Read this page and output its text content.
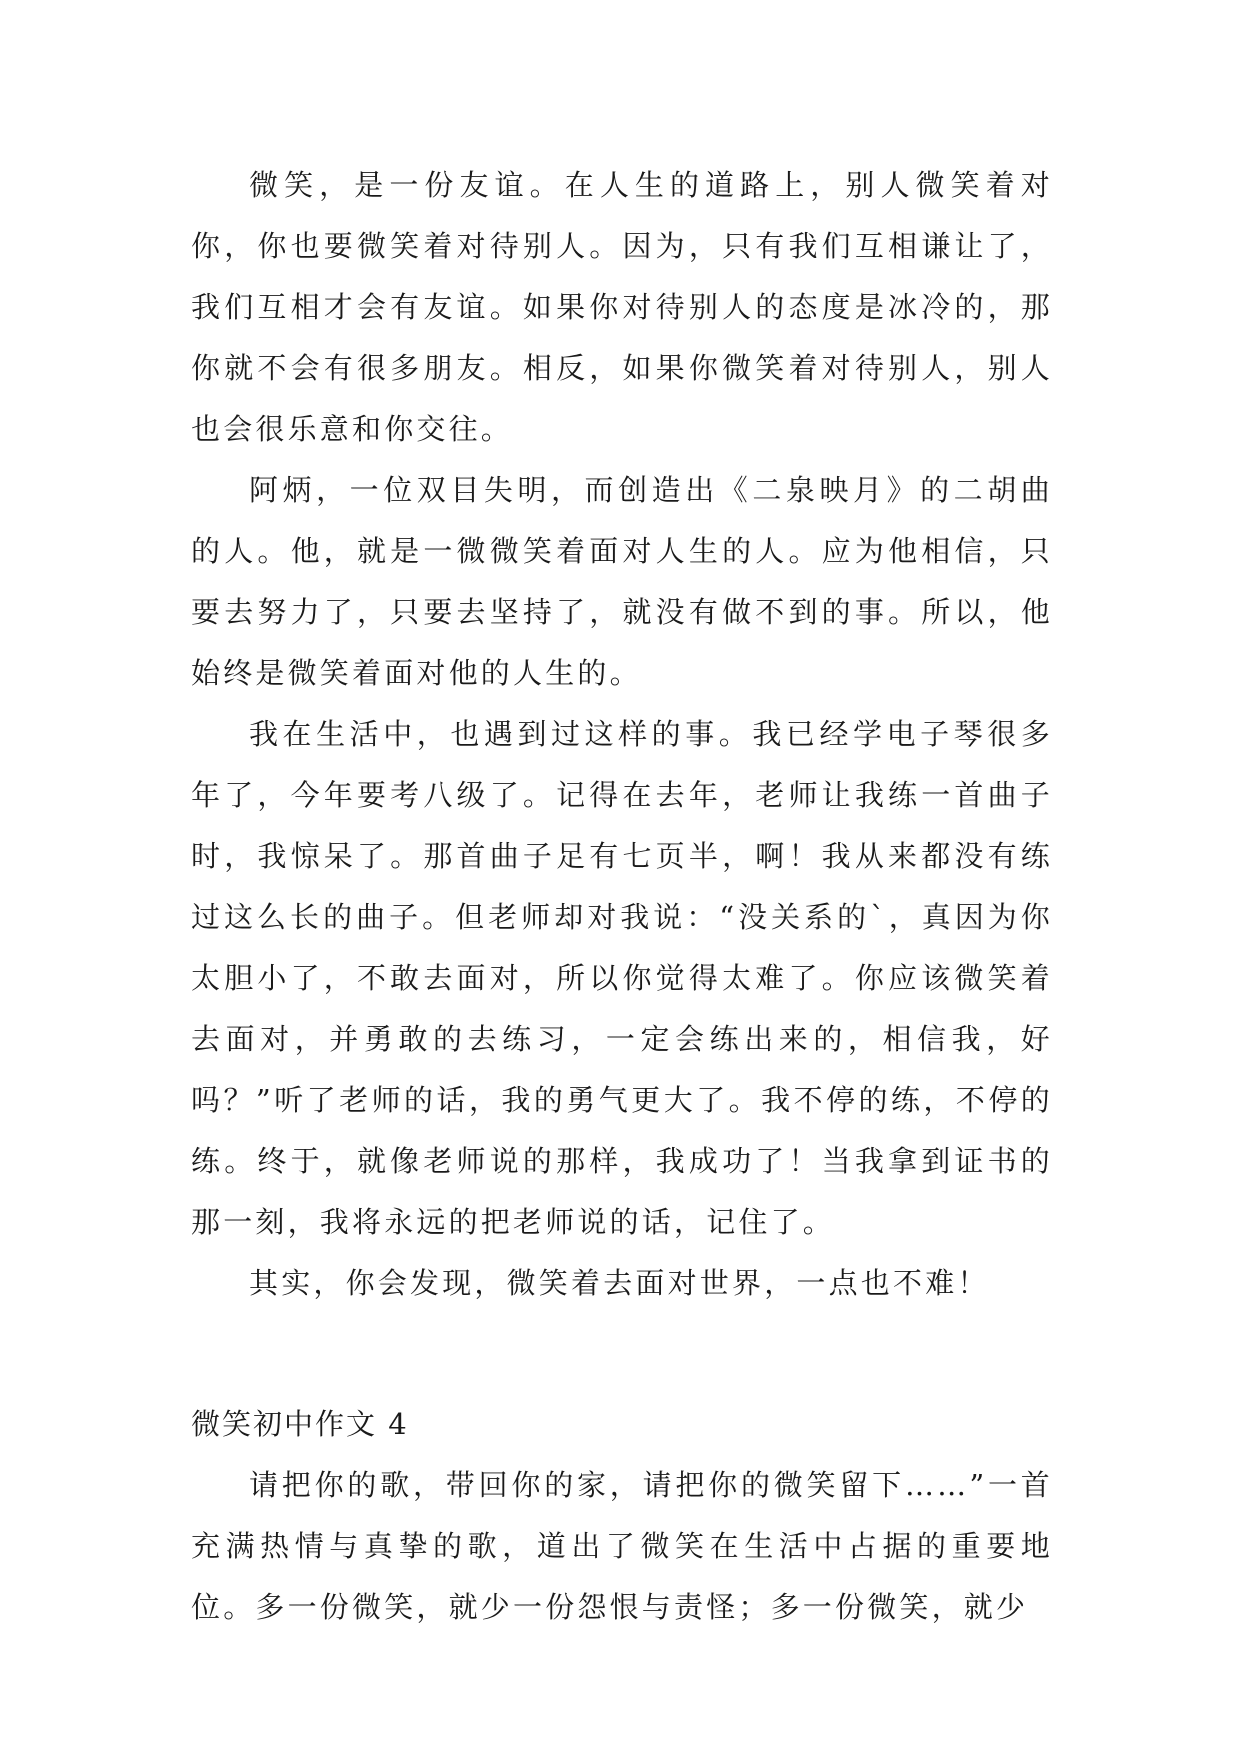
微笑，是一份友谊。在人生的道路上，别人微笑着对你，你也要微笑着对待别人。因为，只有我们互相谦让了，我们互相才会有友谊。如果你对待别人的态度是冰冷的，那你就不会有很多朋友。相反，如果你微笑着对待别人，别人也会很乐意和你交往。

阿炳，一位双目失明，而创造出《二泉映月》的二胡曲的人。他，就是一微微笑着面对人生的人。应为他相信，只要去努力了，只要去坚持了，就没有做不到的事。所以，他始终是微笑着面对他的人生的。

我在生活中，也遇到过这样的事。我已经学电子琴很多年了，今年要考八级了。记得在去年，老师让我练一首曲子时，我惊呆了。那首曲子足有七页半，啊！我从来都没有练过这么长的曲子。但老师却对我说：“没关系的`，真因为你太胆小了，不敢去面对，所以你觉得太难了。你应该微笑着去面对，并勇敢的去练习，一定会练出来的，相信我，好吗？”听了老师的话，我的勇气更大了。我不停的练，不停的练。终于，就像老师说的那样，我成功了！当我拿到证书的那一刻，我将永远的把老师说的话，记住了。

其实，你会发现，微笑着去面对世界，一点也不难！

微笑初中作文 4

请把你的歌，带回你的家，请把你的微笑留下……”一首充满热情与真挚的歌，道出了微笑在生活中占据的重要地位。多一份微笑，就少一份怨恨与责怪；多一份微笑，就少
